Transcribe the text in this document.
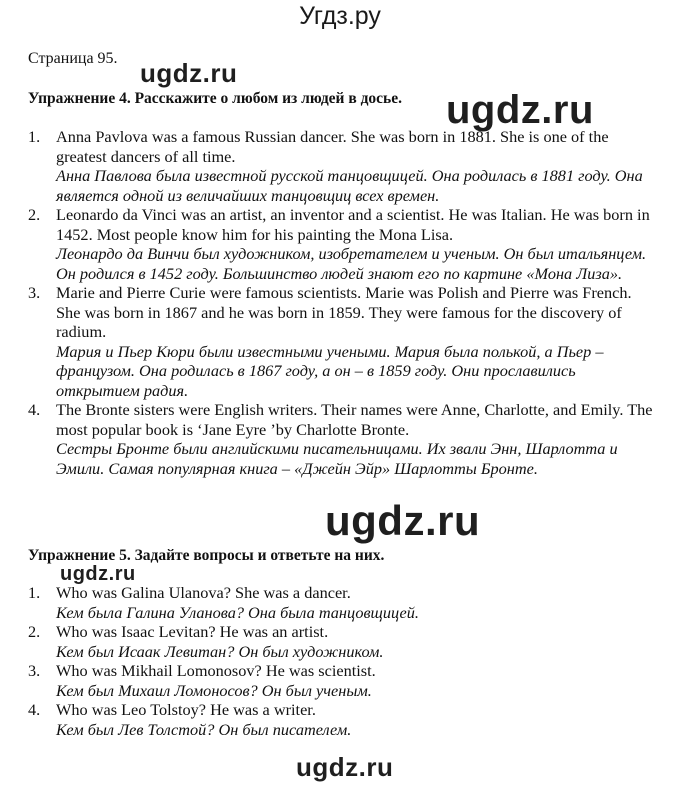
Угдз.ру
Страница 95.
Упражнение 4. Расскажите о любом из людей в досье.
1. Anna Pavlova was a famous Russian dancer. She was born in 1881. She is one of the greatest dancers of all time.
Анна Павлова была известной русской танцовщицей. Она родилась в 1881 году. Она является одной из величайших танцовщиц всех времен.
2. Leonardo da Vinci was an artist, an inventor and a scientist. He was Italian. He was born in 1452. Most people know him for his painting the Mona Lisa.
Леонардо да Винчи был художником, изобретателем и ученым. Он был итальянцем. Он родился в 1452 году. Большинство людей знают его по картине «Мона Лиза».
3. Marie and Pierre Curie were famous scientists. Marie was Polish and Pierre was French. She was born in 1867 and he was born in 1859. They were famous for the discovery of radium.
Мария и Пьер Кюри были известными учеными. Мария была полькой, а Пьер – французом. Она родилась в 1867 году, а он – в 1859 году. Они прославились открытием радия.
4. The Bronte sisters were English writers. Their names were Anne, Charlotte, and Emily. The most popular book is ‘Jane Eyre ’by Charlotte Bronte.
Сестры Бронте были английскими писательницами. Их звали Энн, Шарлотта и Эмили. Самая популярная книга – «Джейн Эйр» Шарлотты Бронте.
Упражнение 5. Задайте вопросы и ответьте на них.
1. Who was Galina Ulanova? She was a dancer.
Кем была Галина Уланова? Она была танцовщицей.
2. Who was Isaac Levitan? He was an artist.
Кем был Исаак Левитан? Он был художником.
3. Who was Mikhail Lomonosov? He was scientist.
Кем был Михаил Ломоносов? Он был ученым.
4. Who was Leo Tolstoy? He was a writer.
Кем был Лев Толстой? Он был писателем.
ugdz.ru
ugdz.ru
ugdz.ru
ugdz.ru
ugdz.ru
